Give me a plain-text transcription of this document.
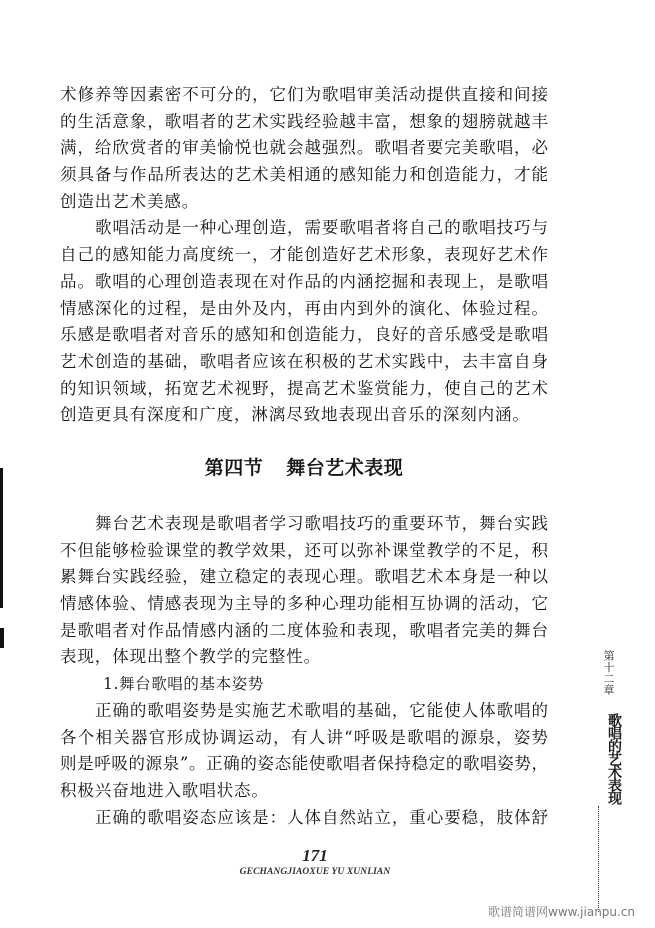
术修养等因素密不可分的，它们为歌唱审美活动提供直接和间接
的生活意象，歌唱者的艺术实践经验越丰富，想象的翅膀就越丰
满，给欣赏者的审美愉悦也就会越强烈。歌唱者要完美歌唱，必
须具备与作品所表达的艺术美相通的感知能力和创造能力，才能
创造出艺术美感。
歌唱活动是一种心理创造，需要歌唱者将自己的歌唱技巧与
自己的感知能力高度统一，才能创造好艺术形象，表现好艺术作
品。歌唱的心理创造表现在对作品的内涵挖掘和表现上，是歌唱
情感深化的过程，是由外及内，再由内到外的演化、体验过程。
乐感是歌唱者对音乐的感知和创造能力，良好的音乐感受是歌唱
艺术创造的基础，歌唱者应该在积极的艺术实践中，去丰富自身
的知识领域，拓宽艺术视野，提高艺术鉴赏能力，使自己的艺术
创造更具有深度和广度，淋漓尽致地表现出音乐的深刻内涵。
第四节 舞台艺术表现
舞台艺术表现是歌唱者学习歌唱技巧的重要环节，舞台实践
不但能够检验课堂的教学效果，还可以弥补课堂教学的不足，积
累舞台实践经验，建立稳定的表现心理。歌唱艺术本身是一种以
情感体验、情感表现为主导的多种心理功能相互协调的活动，它
是歌唱者对作品情感内涵的二度体验和表现，歌唱者完美的舞台
表现，体现出整个教学的完整性。
1.舞台歌唱的基本姿势
正确的歌唱姿势是实施艺术歌唱的基础，它能使人体歌唱的
各个相关器官形成协调运动，有人讲“呼吸是歌唱的源泉，姿势
则是呼吸的源泉”。正确的姿态能使歌唱者保持稳定的歌唱姿势，
积极兴奋地进入歌唱状态。
正确的歌唱姿态应该是：人体自然站立，重心要稳，肢体舒
第十二章
歌唱的艺术表现
171
GECHANGJIAOXUE YU XUNLIAN
歌谱简谱网www.jianpu.cn
